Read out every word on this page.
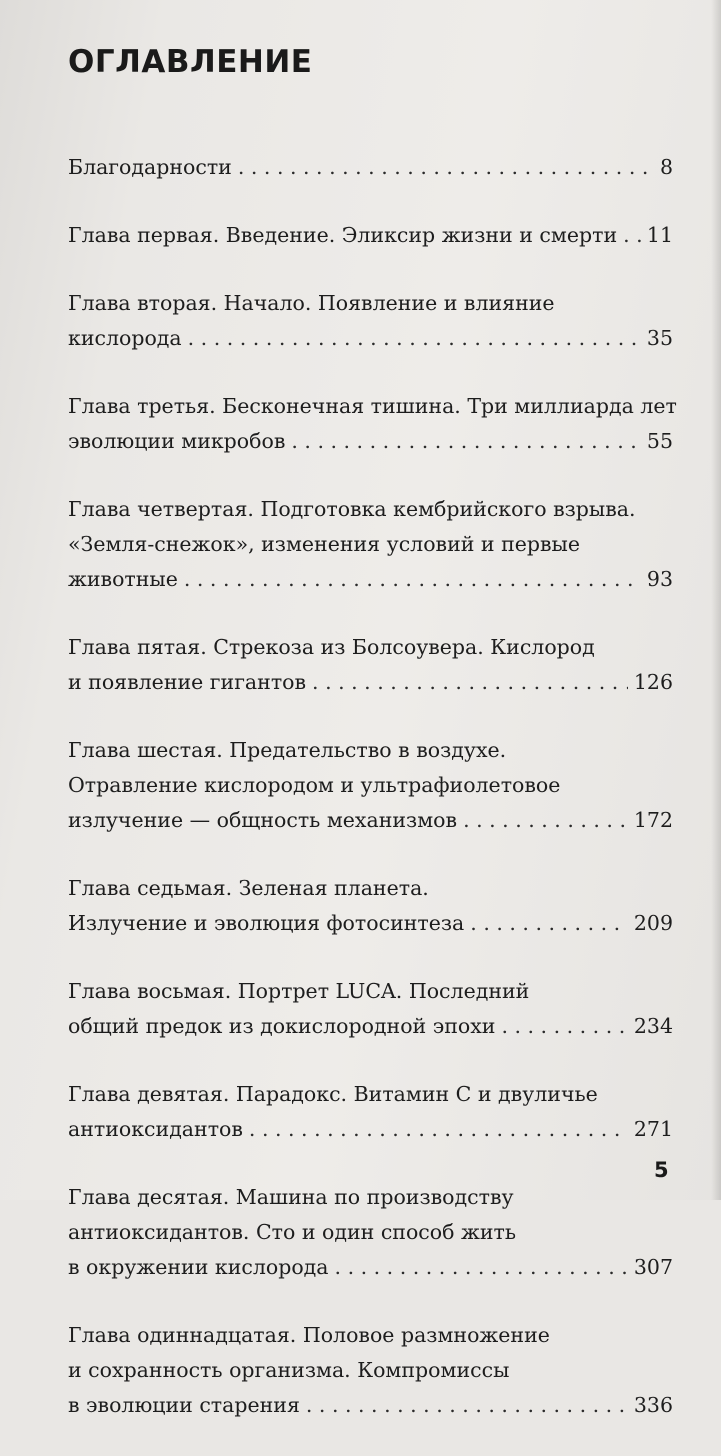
ОГЛАВЛЕНИЕ
Благодарности . . .	8
Глава первая. Введение. Эликсир жизни и смерти . . . 11
Глава вторая. Начало. Появление и влияние
кислорода . . .	35
Глава третья. Бесконечная тишина. Три миллиарда лет
эволюции микробов . . .	55
Глава четвертая. Подготовка кембрийского взрыва.
«Земля-снежок», изменения условий и первые
животные . . .	93
Глава пятая. Стрекоза из Болсоувера. Кислород
и появление гигантов . . .	126
Глава шестая. Предательство в воздухе.
Отравление кислородом и ультрафиолетовое
излучение — общность механизмов . . .	172
Глава седьмая. Зеленая планета.
Излучение и эволюция фотосинтеза . . .	209
Глава восьмая. Портрет LUCA. Последний
общий предок из докислородной эпохи . . .	234
Глава девятая. Парадокс. Витамин С и двуличье
антиоксидантов . . .	271
Глава десятая. Машина по производству
антиоксидантов. Сто и один способ жить
в окружении кислорода . . .	307
Глава одиннадцатая. Половое размножение
и сохранность организма. Компромиссы
в эволюции старения . . .	336
5
